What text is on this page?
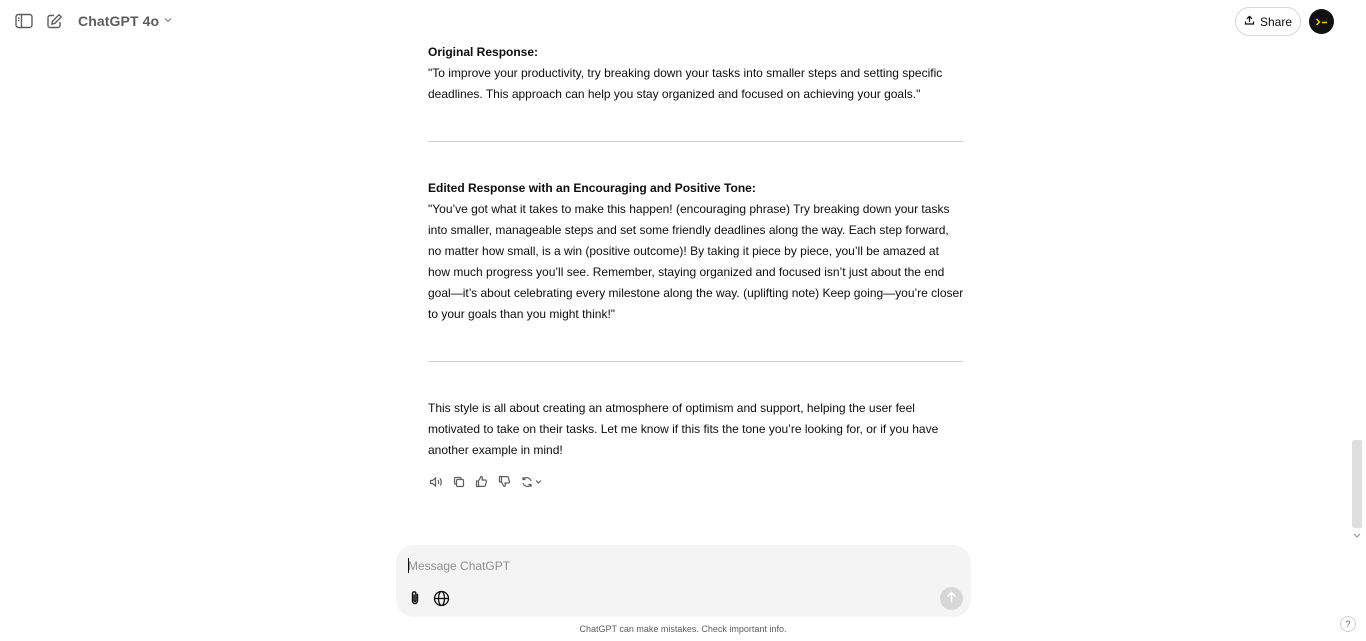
ChatGPT 4o	Share
Original Response:
"To improve your productivity, try breaking down your tasks into smaller steps and setting specific deadlines. This approach can help you stay organized and focused on achieving your goals."
Edited Response with an Encouraging and Positive Tone:
"You’ve got what it takes to make this happen! (encouraging phrase) Try breaking down your tasks into smaller, manageable steps and set some friendly deadlines along the way. Each step forward, no matter how small, is a win (positive outcome)! By taking it piece by piece, you’ll be amazed at how much progress you’ll see. Remember, staying organized and focused isn’t just about the end goal—it’s about celebrating every milestone along the way. (uplifting note) Keep going—you’re closer to your goals than you might think!"
This style is all about creating an atmosphere of optimism and support, helping the user feel motivated to take on their tasks. Let me know if this fits the tone you’re looking for, or if you have another example in mind!
Message ChatGPT
ChatGPT can make mistakes. Check important info.	?
